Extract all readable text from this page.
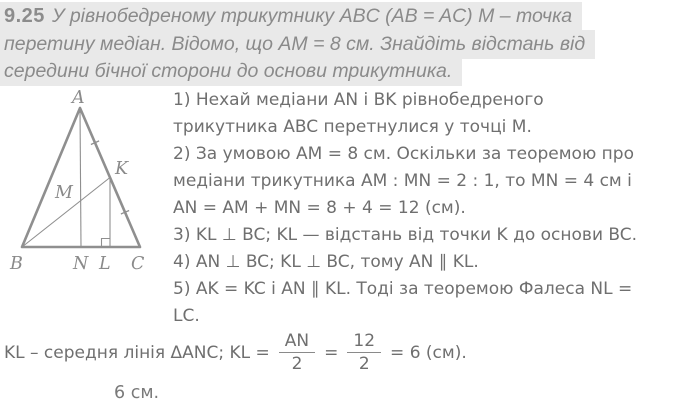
9.25 У рівнобедреному трикутнику ABC (AB = AC) M – точка
перетину медіан. Відомо, що AM = 8 см. Знайдіть відстань від
середини бічної сторони до основи трикутника.
A
B	C
N L
K
M
1) Нехай медіани AN і BK рівнобедреного
трикутника ABC перетнулися у точці M.
2) За умовою AM = 8 см. Оскільки за теоремою про
медіани трикутника AM : MN = 2 : 1, то MN = 4 см і
AN = AM + MN = 8 + 4 = 12 (см).
3) KL ⊥ BC; KL — відстань від точки K до основи BC.
4) AN ⊥ BC; KL ⊥ BC, тому AN ∥ KL.
5) AK = KC і AN ∥ KL. Тоді за теоремою Фалеса NL =
LC.
KL – середня лінія ΔANC; KL = $\frac{AN}{2} = \frac{12}{2} = 6$ (см).
6 см.
